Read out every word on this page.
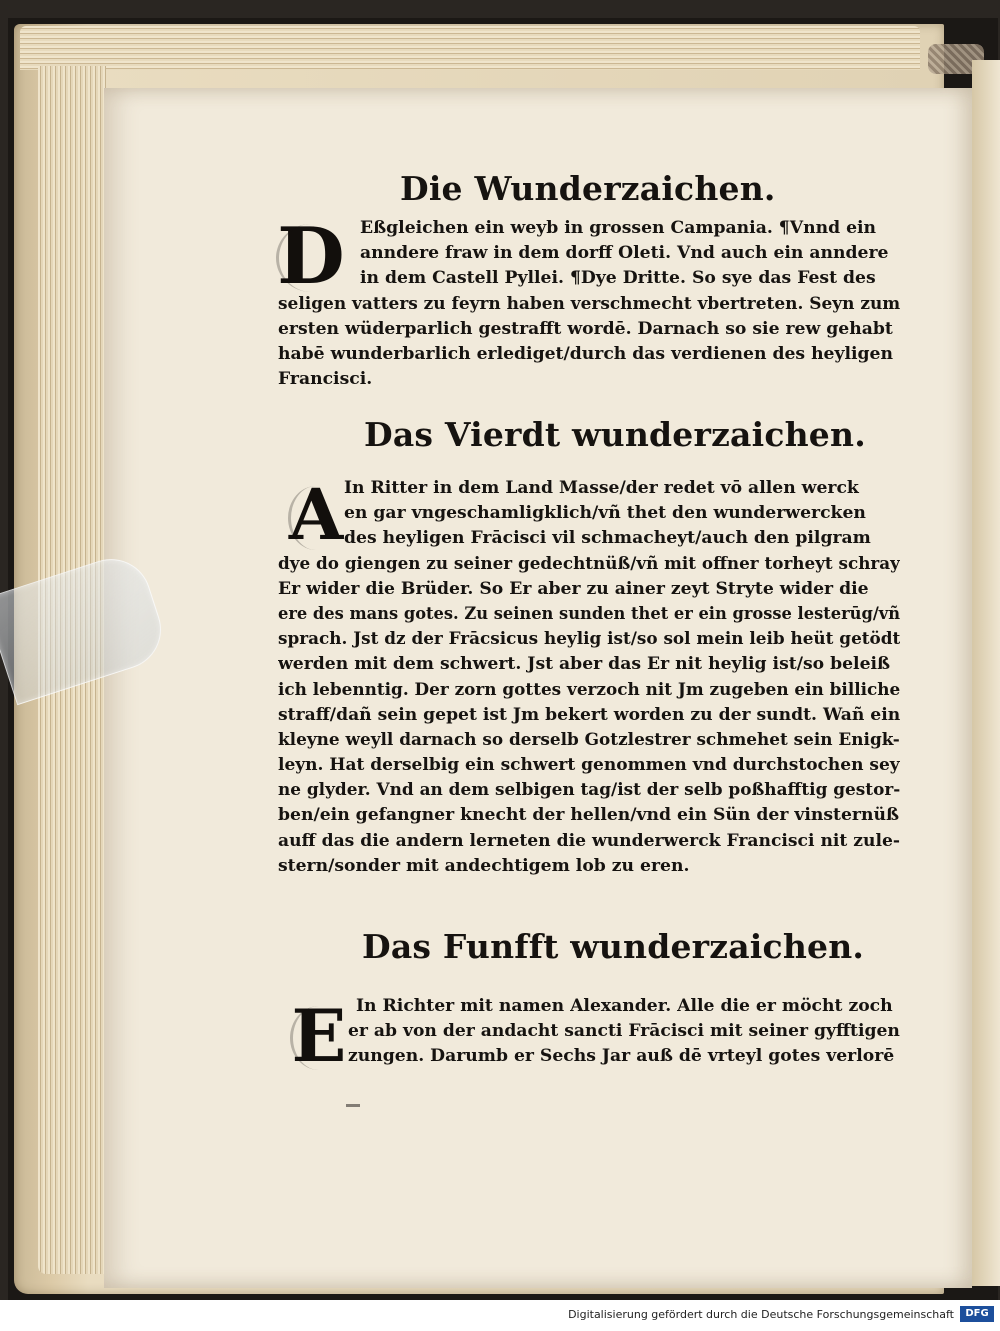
Die Wunderzaichen.
D Eßgleichen ein weyb in grossen Campania. ¶Vnnd ein
anndere fraw in dem dorff Oleti. Vnd auch ein anndere
in dem Castell Pyllei. ¶Dye Dritte. So sye das Fest des
seligen vatters zu feyrn haben verschmecht vbertreten. Seyn zum
ersten wüderparlich gestrafft wordē. Darnach so sie rew gehabt
habē wunderbarlich erlediget/durch das verdienen des heyligen
Francisci.
Das Vierdt wunderzaichen.
A In Ritter in dem Land Masse/der redet vō allen werck
en gar vngeschamligklich/vñ thet den wunderwercken
des heyligen Frācisci vil schmacheyt/auch den pilgram
dye do giengen zu seiner gedechtnüß/vñ mit offner torheyt schray
Er wider die Brüder. So Er aber zu ainer zeyt Stryte wider die
ere des mans gotes. Zu seinen sunden thet er ein grosse lesterūg/vñ
sprach. Jst dz der Frācsicus heylig ist/so sol mein leib heüt getödt
werden mit dem schwert. Jst aber das Er nit heylig ist/so beleiß
ich lebenntig. Der zorn gottes verzoch nit Jm zugeben ein billiche
straff/dañ sein gepet ist Jm bekert worden zu der sundt. Wañ ein
kleyne weyll darnach so derselb Gotzlestrer schmehet sein Enigk-
leyn. Hat derselbig ein schwert genommen vnd durchstochen sey
ne glyder. Vnd an dem selbigen tag/ist der selb poßhafftig gestor-
ben/ein gefangner knecht der hellen/vnd ein Sün der vinsternüß
auff das die andern lerneten die wunderwerck Francisci nit zule-
stern/sonder mit andechtigem lob zu eren.
Das Funfft wunderzaichen.
E In Richter mit namen Alexander. Alle die er möcht zoch
er ab von der andacht sancti Frācisci mit seiner gyfftigen
zungen. Darumb er Sechs Jar auß dē vrteyl gotes verlorē
Digitalisierung gefördert durch die Deutsche Forschungsgemeinschaft	DFG
